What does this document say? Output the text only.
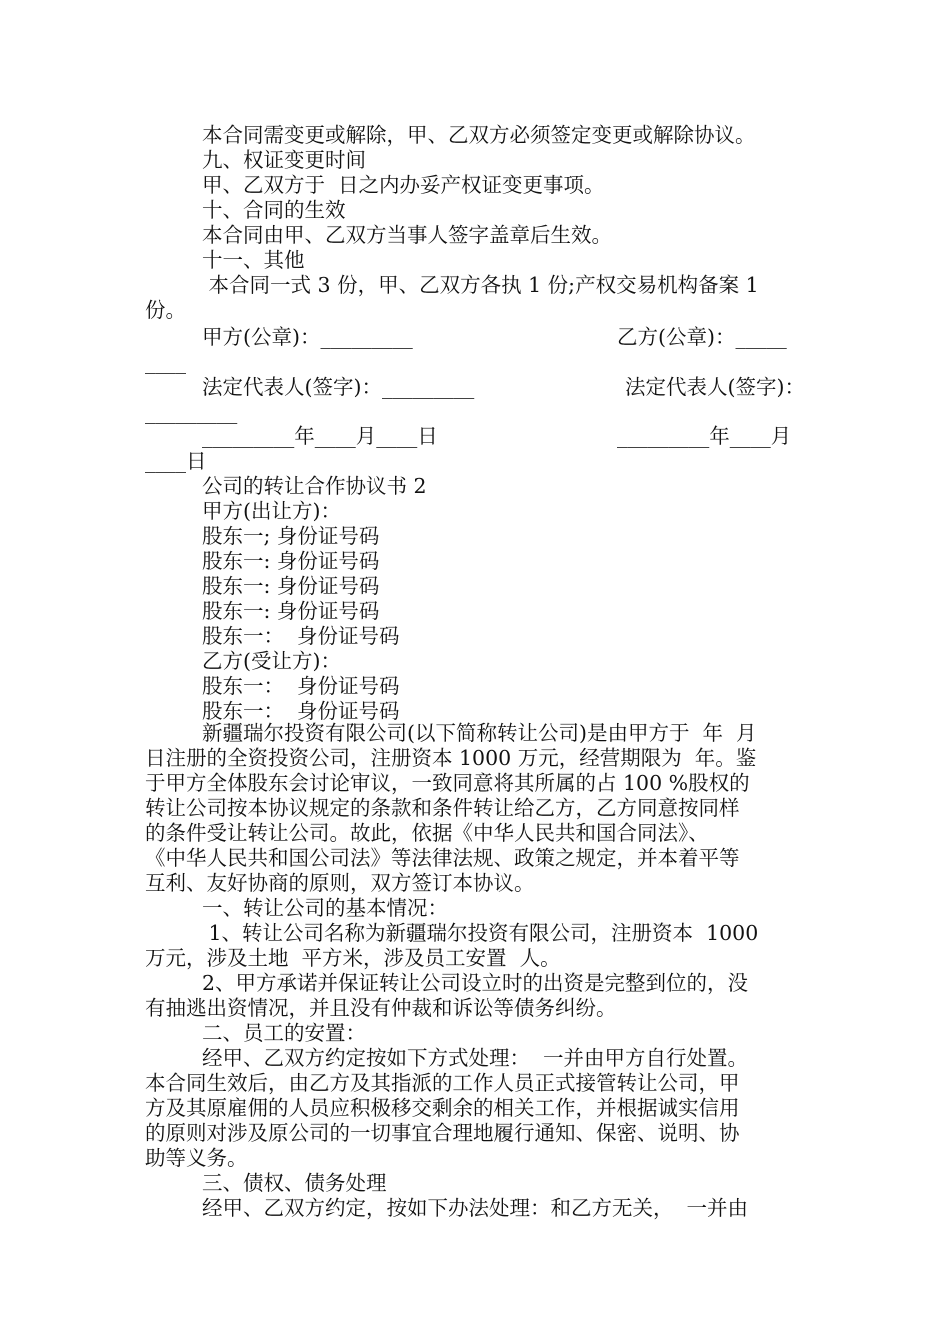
本合同需变更或解除，甲、乙双方必须签定变更或解除协议。
九、权证变更时间
甲、乙双方于  日之内办妥产权证变更事项。
十、合同的生效
本合同由甲、乙双方当事人签字盖章后生效。
十一、其他
本合同一式 3 份，甲、乙双方各执 1 份;产权交易机构备案 1
份。
甲方(公章)：_________	乙方(公章)：_____
____
法定代表人(签字)：_________	法定代表人(签字)：
_________
_________年____月____日	_________年____月
____日
公司的转让合作协议书 2
甲方(出让方)：
股东一; 身份证号码
股东一: 身份证号码
股东一: 身份证号码
股东一: 身份证号码
股东一：  身份证号码
乙方(受让方)：
股东一：  身份证号码
股东一：  身份证号码
新疆瑞尔投资有限公司(以下简称转让公司)是由甲方于  年  月
日注册的全资投资公司，注册资本 1000 万元，经营期限为  年。鉴
于甲方全体股东会讨论审议，一致同意将其所属的占 100 %股权的
转让公司按本协议规定的条款和条件转让给乙方，乙方同意按同样
的条件受让转让公司。故此，依据《中华人民共和国合同法》、
《中华人民共和国公司法》等法律法规、政策之规定，并本着平等
互利、友好协商的原则，双方签订本协议。
一、转让公司的基本情况：
1、转让公司名称为新疆瑞尔投资有限公司，注册资本  1000
万元，涉及土地  平方米，涉及员工安置  人。
2、甲方承诺并保证转让公司设立时的出资是完整到位的，没
有抽逃出资情况，并且没有仲裁和诉讼等债务纠纷。
二、员工的安置：
经甲、乙双方约定按如下方式处理：  一并由甲方自行处置。
本合同生效后，由乙方及其指派的工作人员正式接管转让公司，甲
方及其原雇佣的人员应积极移交剩余的相关工作，并根据诚实信用
的原则对涉及原公司的一切事宜合理地履行通知、保密、说明、协
助等义务。
三、债权、债务处理
经甲、乙双方约定，按如下办法处理：和乙方无关，  一并由
